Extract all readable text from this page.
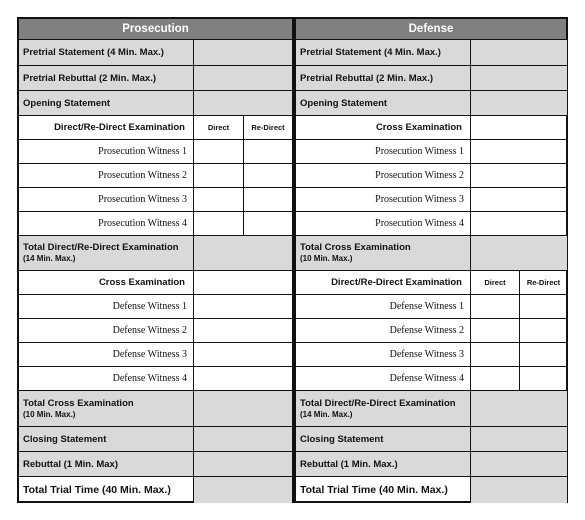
Prosecution
Pretrial Statement (4 Min. Max.)
Pretrial Rebuttal (2 Min. Max.)
Opening Statement
Direct/Re-Direct Examination	Direct	Re-Direct
Prosecution Witness 1
Prosecution Witness 2
Prosecution Witness 3
Prosecution Witness 4
Total Direct/Re-Direct Examination
(14 Min. Max.)
Cross Examination
Defense Witness 1
Defense Witness 2
Defense Witness 3
Defense Witness 4
Total Cross Examination
(10 Min. Max.)
Closing Statement
Rebuttal (1 Min. Max)
Total Trial Time (40 Min. Max.)
Defense
Pretrial Statement (4 Min. Max.)
Pretrial Rebuttal (2 Min. Max.)
Opening Statement
Cross Examination
Prosecution Witness 1
Prosecution Witness 2
Prosecution Witness 3
Prosecution Witness 4
Total Cross Examination
(10 Min. Max.)
Direct/Re-Direct Examination	Direct	Re-Direct
Defense Witness 1
Defense Witness 2
Defense Witness 3
Defense Witness 4
Total Direct/Re-Direct Examination
(14 Min. Max.)
Closing Statement
Rebuttal (1 Min. Max.)
Total Trial Time (40 Min. Max.)
